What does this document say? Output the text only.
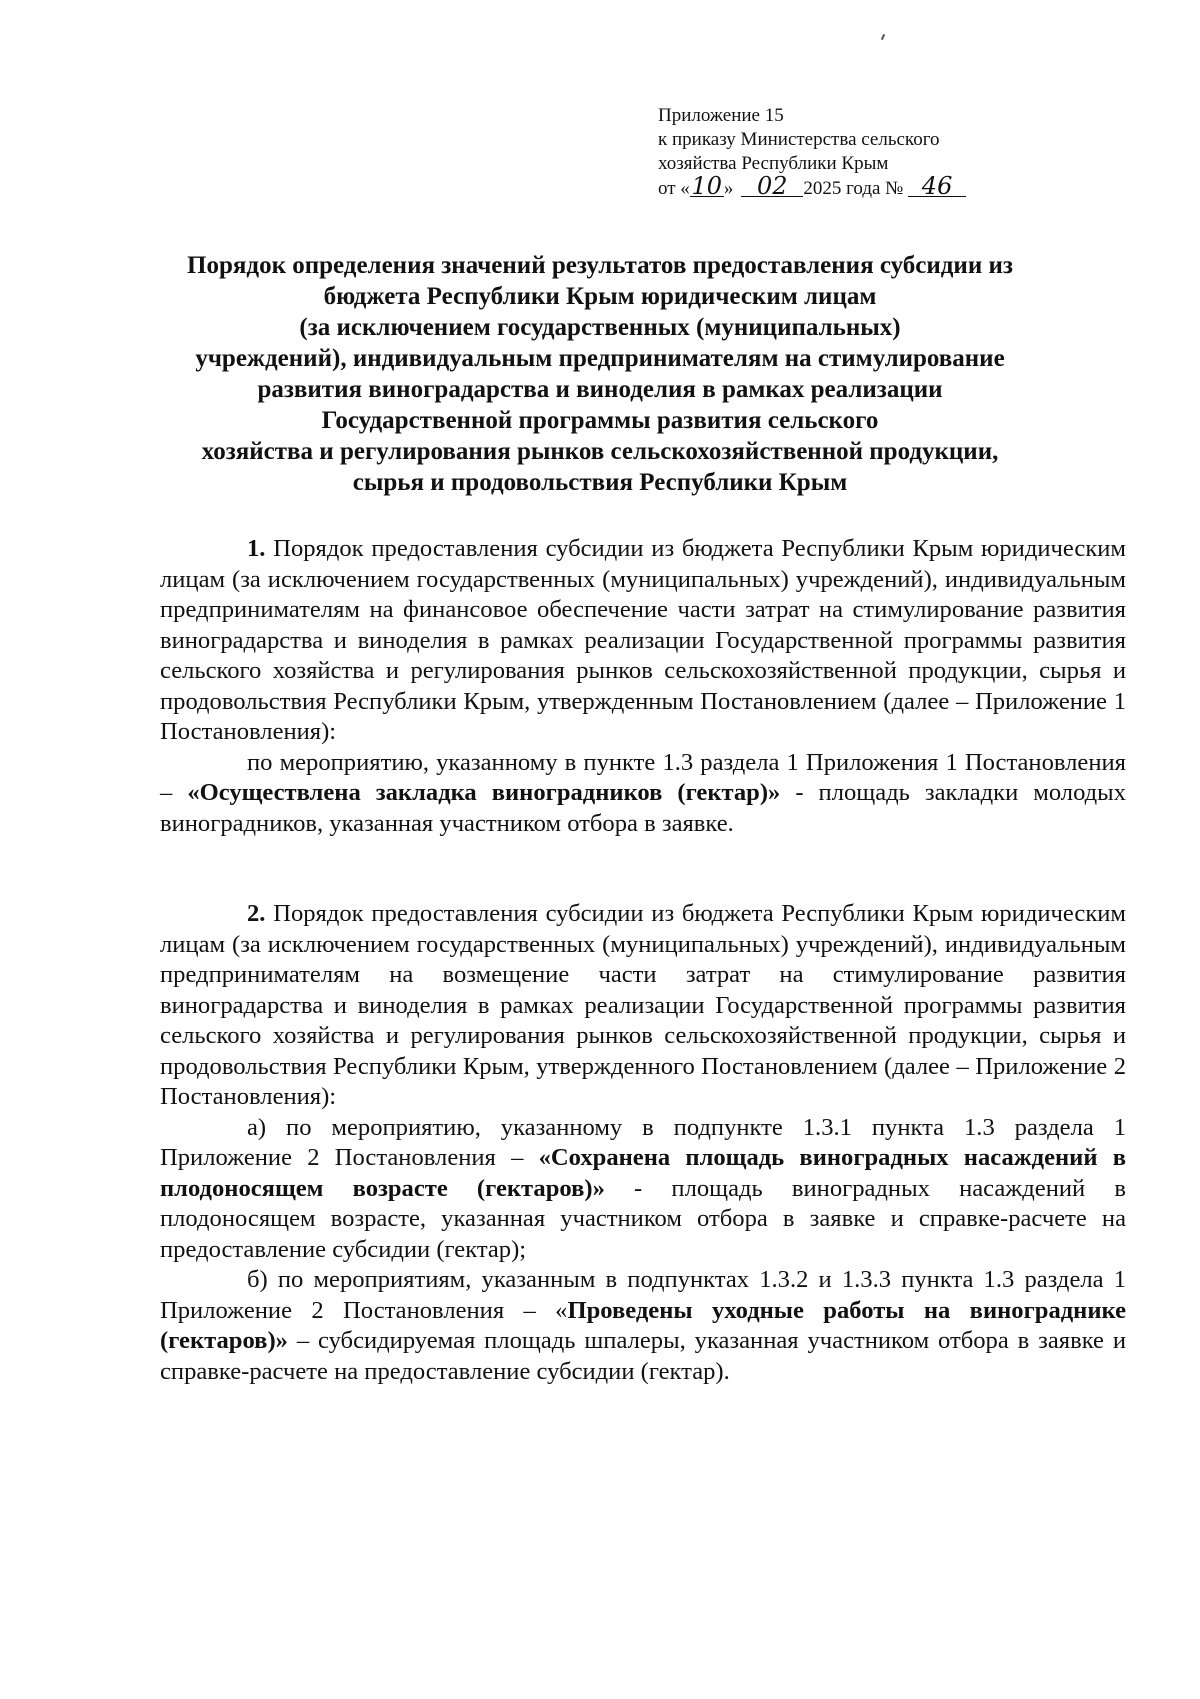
Приложение 15
к приказу Министерства сельского
хозяйства Республики Крым
от «10» 02 2025 года № 46
Порядок определения значений результатов предоставления субсидии из
бюджета Республики Крым юридическим лицам
(за исключением государственных (муниципальных)
учреждений), индивидуальным предпринимателям на стимулирование
развития виноградарства и виноделия в рамках реализации
Государственной программы развития сельского
хозяйства и регулирования рынков сельскохозяйственной продукции,
сырья и продовольствия Республики Крым

1. Порядок предоставления субсидии из бюджета Республики Крым юридическим лицам (за исключением государственных (муниципальных) учреждений), индивидуальным предпринимателям на финансовое обеспечение части затрат на стимулирование развития виноградарства и виноделия в рамках реализации Государственной программы развития сельского хозяйства и регулирования рынков сельскохозяйственной продукции, сырья и продовольствия Республики Крым, утвержденным Постановлением (далее – Приложение 1 Постановления):

по мероприятию, указанному в пункте 1.3 раздела 1 Приложения 1 Постановления – «Осуществлена закладка виноградников (гектар)» - площадь закладки молодых виноградников, указанная участником отбора в заявке.

2. Порядок предоставления субсидии из бюджета Республики Крым юридическим лицам (за исключением государственных (муниципальных) учреждений), индивидуальным предпринимателям на возмещение части затрат на стимулирование развития виноградарства и виноделия в рамках реализации Государственной программы развития сельского хозяйства и регулирования рынков сельскохозяйственной продукции, сырья и продовольствия Республики Крым, утвержденного Постановлением (далее – Приложение 2 Постановления):

а) по мероприятию, указанному в подпункте 1.3.1 пункта 1.3 раздела 1 Приложение 2 Постановления – «Сохранена площадь виноградных насаждений в плодоносящем возрасте (гектаров)» - площадь виноградных насаждений в плодоносящем возрасте, указанная участником отбора в заявке и справке-расчете на предоставление субсидии (гектар);

б) по мероприятиям, указанным в подпунктах 1.3.2 и 1.3.3 пункта 1.3 раздела 1 Приложение 2 Постановления – «Проведены уходные работы на винограднике (гектаров)» – субсидируемая площадь шпалеры, указанная участником отбора в заявке и справке-расчете на предоставление субсидии (гектар).
